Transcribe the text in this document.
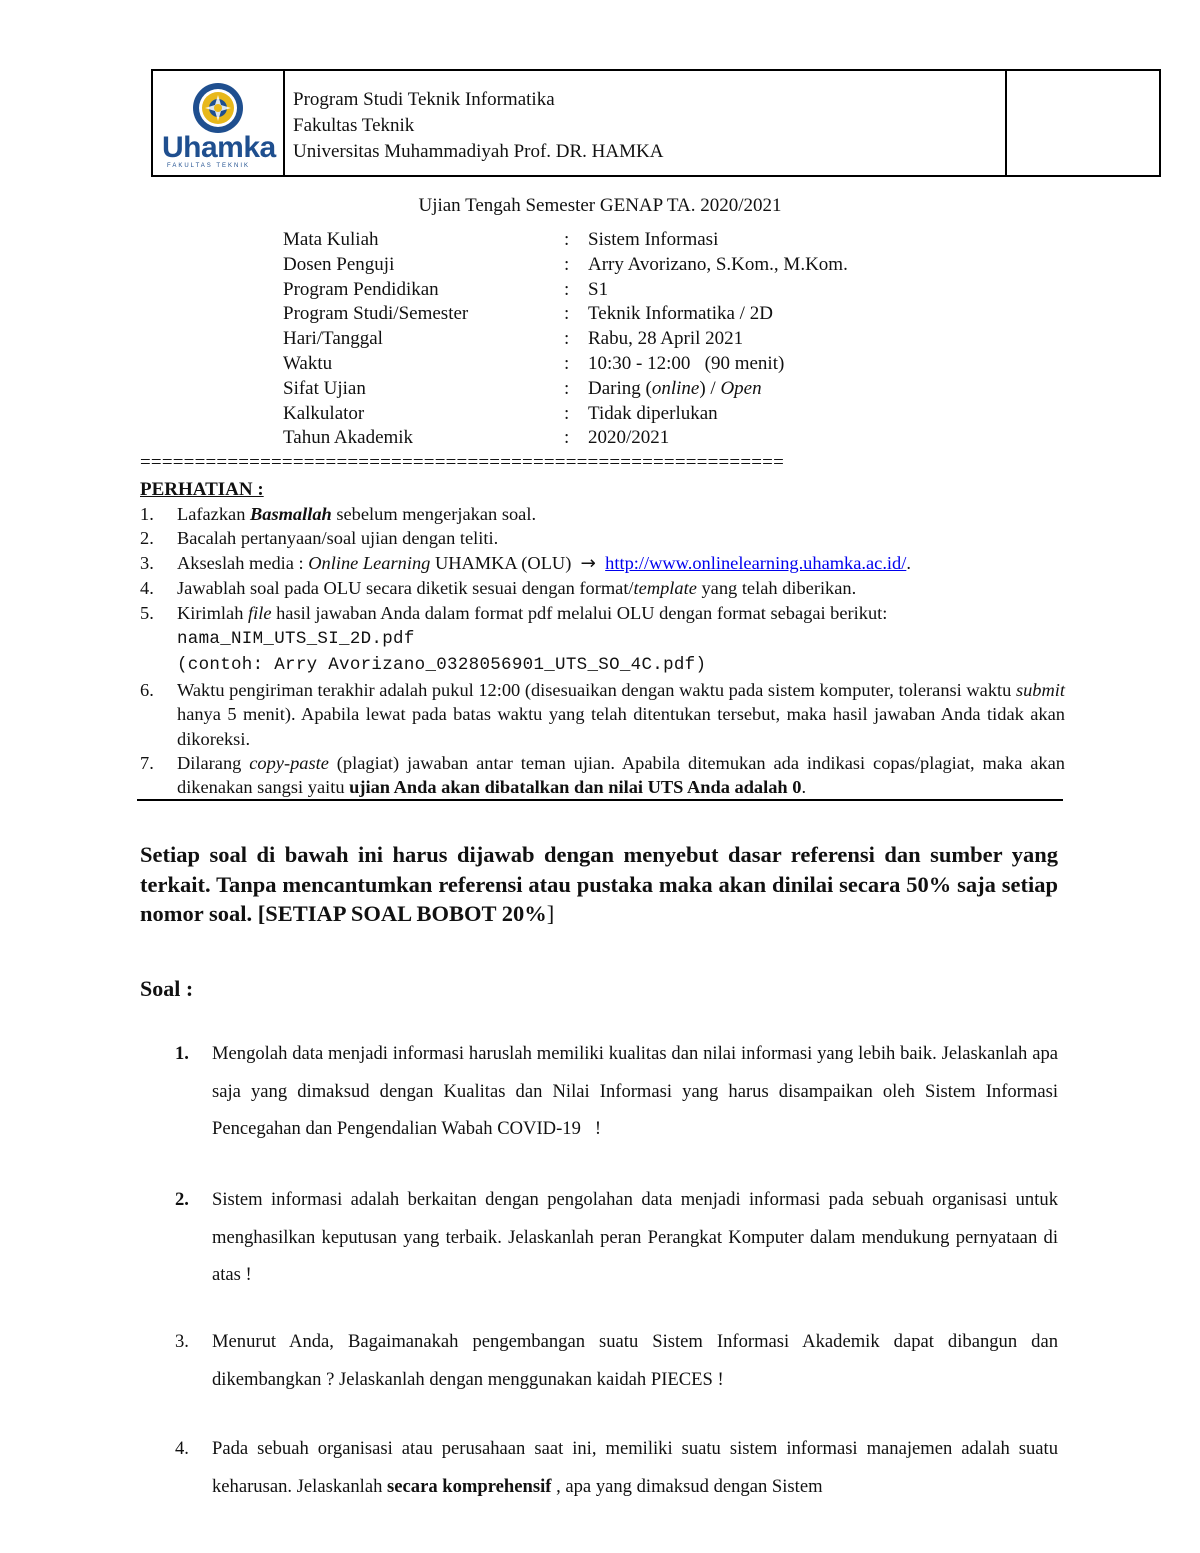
Uhamka
FAKULTAS TEKNIK
Program Studi Teknik Informatika
Fakultas Teknik
Universitas Muhammadiyah Prof. DR. HAMKA
Ujian Tengah Semester GENAP TA. 2020/2021
Mata Kuliah	: Sistem Informasi
Dosen Penguji	: Arry Avorizano, S.Kom., M.Kom.
Program Pendidikan	: S1
Program Studi/Semester	: Teknik Informatika / 2D
Hari/Tanggal	: Rabu, 28 April 2021
Waktu	: 10:30 - 12:00   (90 menit)
Sifat Ujian	: Daring (online) / Open
Kalkulator	: Tidak diperlukan
Tahun Akademik	: 2020/2021
===========================================================
PERHATIAN :
1. Lafazkan Basmallah sebelum mengerjakan soal.
2. Bacalah pertanyaan/soal ujian dengan teliti.
3. Akseslah media : Online Learning UHAMKA (OLU)  → http://www.onlinelearning.uhamka.ac.id/.
4. Jawablah soal pada OLU secara diketik sesuai dengan format/template yang telah diberikan.
5. Kirimlah file hasil jawaban Anda dalam format pdf melalui OLU dengan format sebagai berikut:
nama_NIM_UTS_SI_2D.pdf
(contoh: Arry Avorizano_0328056901_UTS_SO_4C.pdf)
6. Waktu pengiriman terakhir adalah pukul 12:00 (disesuaikan dengan waktu pada sistem komputer, toleransi waktu submit hanya 5 menit). Apabila lewat pada batas waktu yang telah ditentukan tersebut, maka hasil jawaban Anda tidak akan dikoreksi.
7. Dilarang copy-paste (plagiat) jawaban antar teman ujian. Apabila ditemukan ada indikasi copas/plagiat, maka akan dikenakan sangsi yaitu ujian Anda akan dibatalkan dan nilai UTS Anda adalah 0.
Setiap soal di bawah ini harus dijawab dengan menyebut dasar referensi dan sumber yang terkait. Tanpa mencantumkan referensi atau pustaka maka akan dinilai secara 50% saja setiap nomor soal. [SETIAP SOAL BOBOT 20%]
Soal :
1. Mengolah data menjadi informasi haruslah memiliki kualitas dan nilai informasi yang lebih baik. Jelaskanlah apa saja yang dimaksud dengan Kualitas dan Nilai Informasi yang harus disampaikan oleh Sistem Informasi Pencegahan dan Pengendalian Wabah COVID-19   !
2. Sistem informasi adalah berkaitan dengan pengolahan data menjadi informasi pada sebuah organisasi untuk menghasilkan keputusan yang terbaik. Jelaskanlah peran Perangkat Komputer dalam mendukung pernyataan di atas !
3. Menurut Anda, Bagaimanakah pengembangan suatu Sistem Informasi Akademik dapat dibangun dan dikembangkan ? Jelaskanlah dengan menggunakan kaidah PIECES !
4. Pada sebuah organisasi atau perusahaan saat ini, memiliki suatu sistem informasi manajemen adalah suatu keharusan. Jelaskanlah secara komprehensif , apa yang dimaksud dengan Sistem
